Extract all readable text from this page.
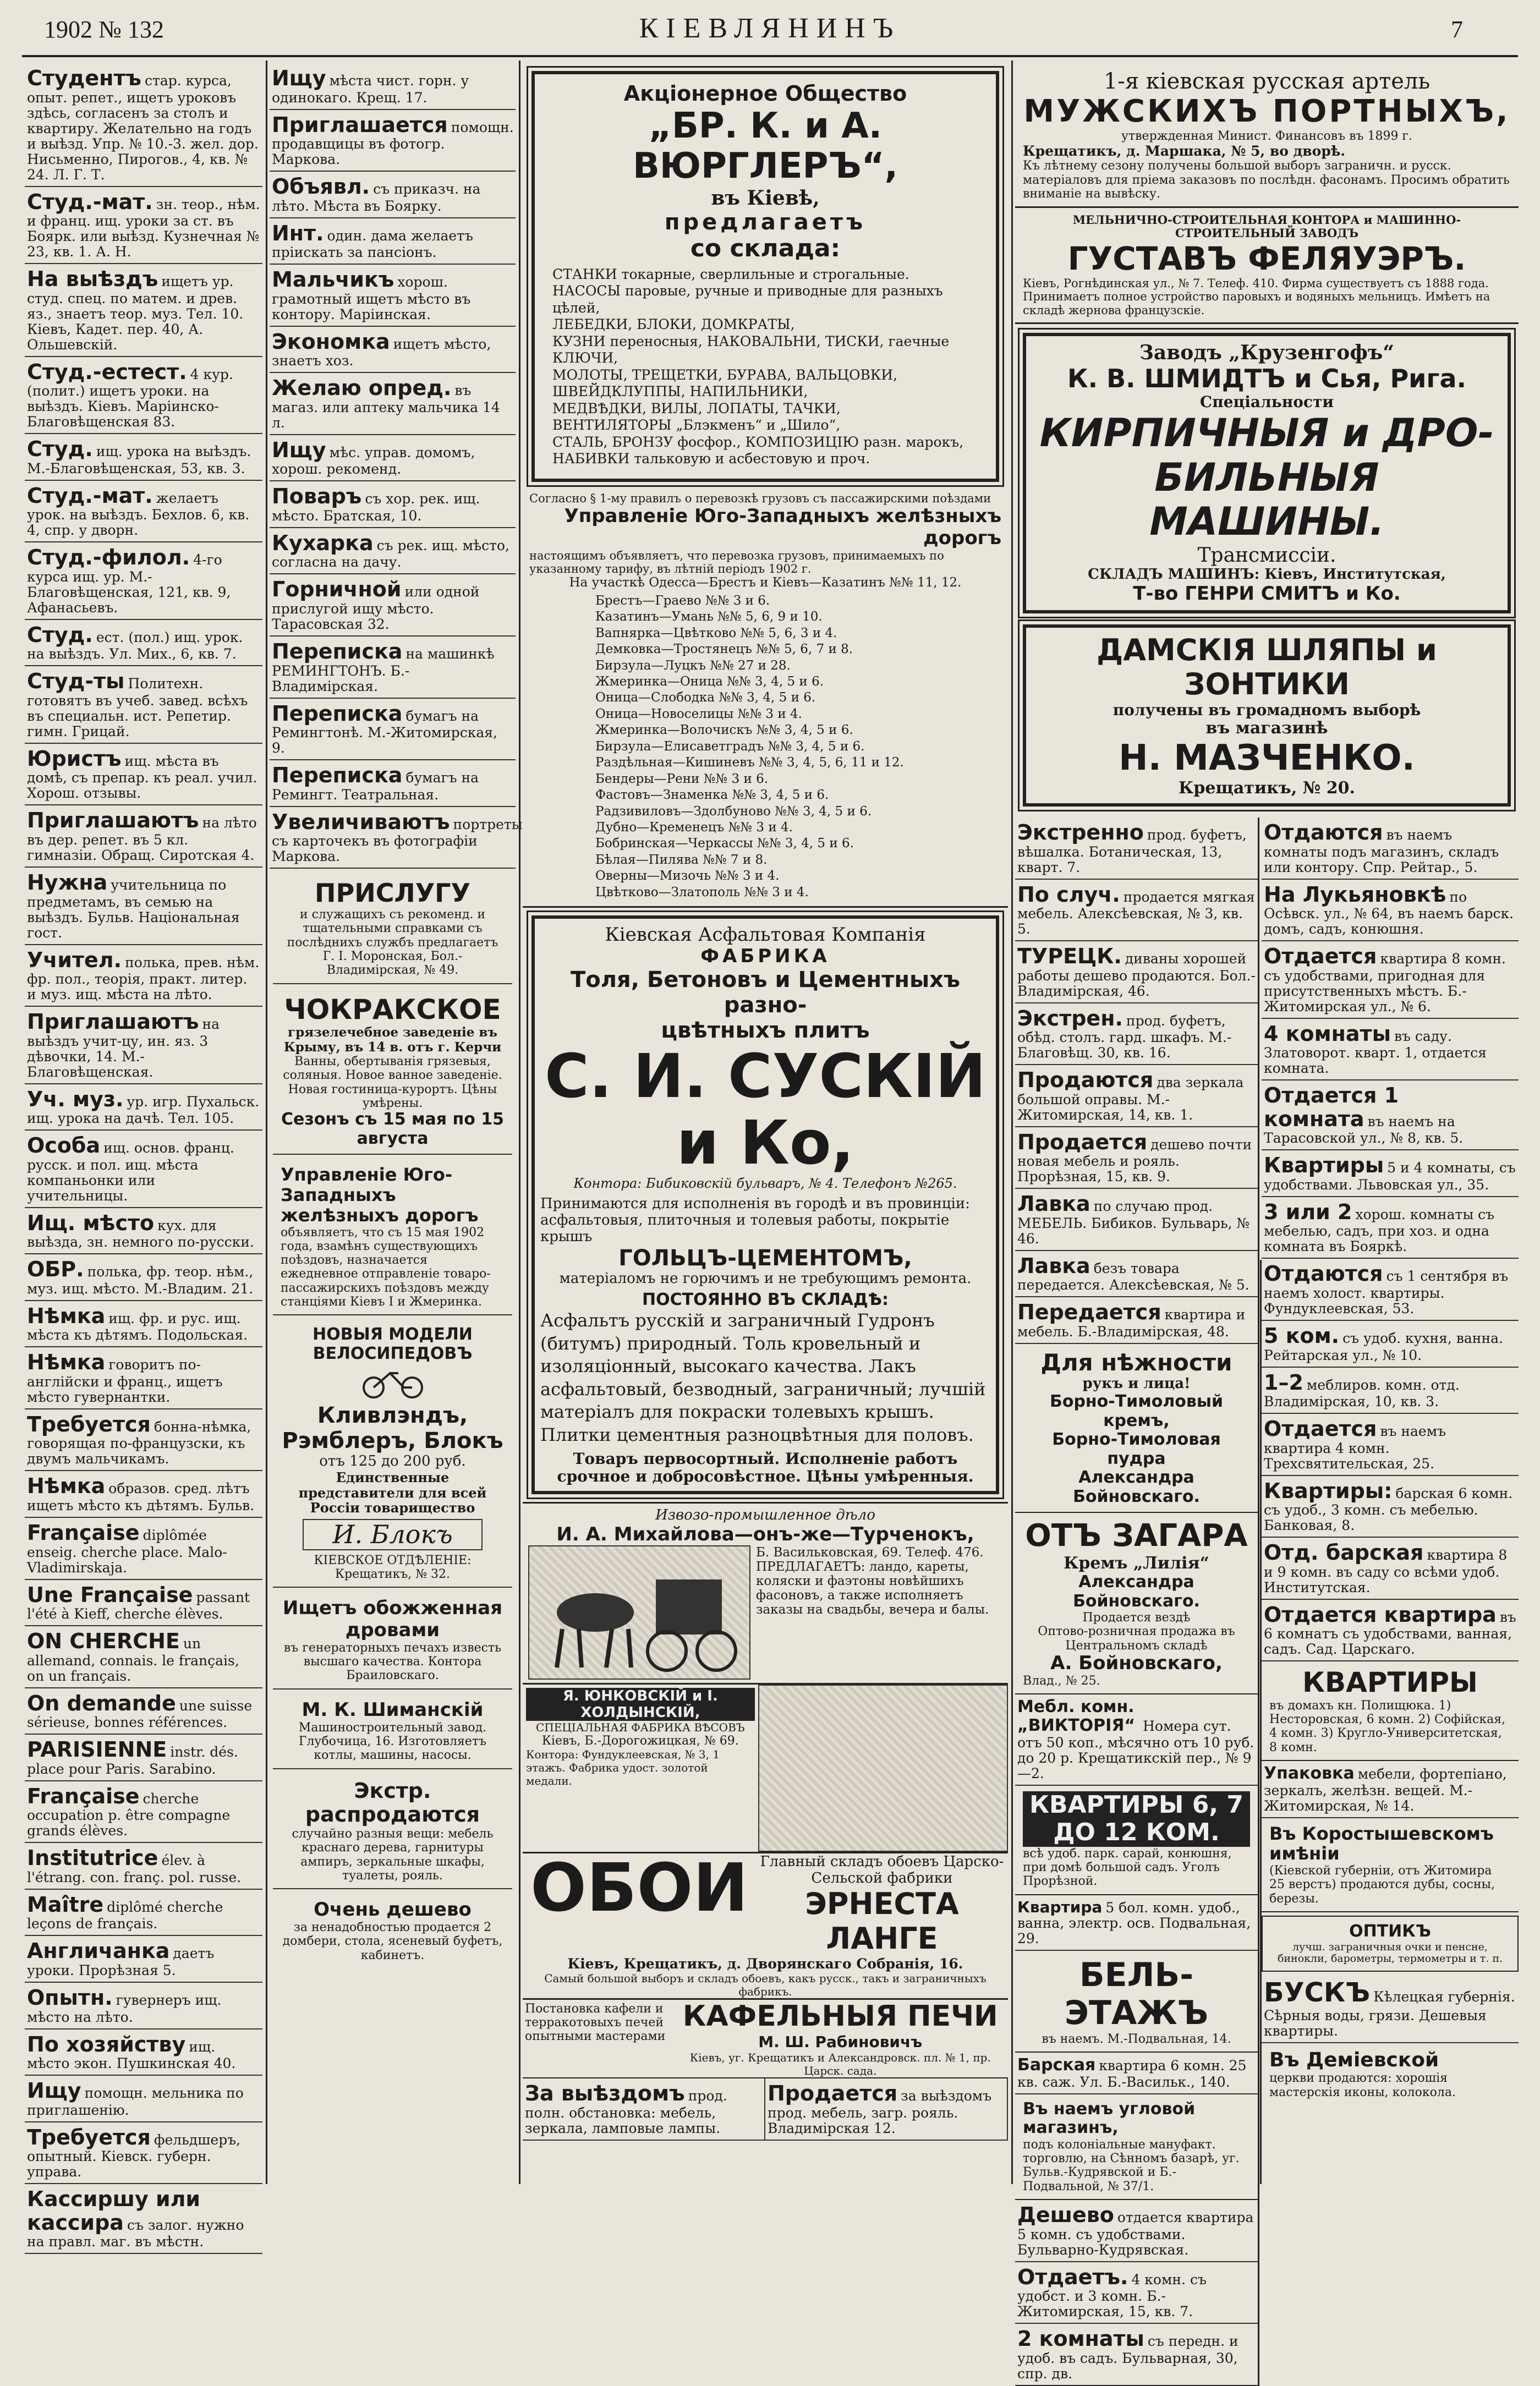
1902 № 132	КІЕВЛЯНИНЪ	7
Студентъ стар. курса, опыт. репет., ищетъ уроковъ здѣсь, согласенъ за столъ и квартиру. Желательно на годъ и выѣзд. Упр. № 10.-3. жел. дор. Нисьменно, Пирогов., 4, кв. № 24. Л. Г. Т.
Студ.-мат. зн. теор., нѣм. и франц. ищ. уроки за ст. въ Боярк. или выѣзд. Кузнечная № 23, кв. 1. А. Н.
На выѣздъ ищетъ ур. студ. спец. по матем. и древ. яз., знаетъ теор. муз. Тел. 10. Кіевъ, Кадет. пер. 40, А. Ольшевскій.
Студ.-естест. 4 кур. (полит.) ищетъ уроки. на выѣздъ. Кіевъ. Маріинско-Благовѣщенская 83.
Студ. ищ. урока на выѣздъ. М.-Благовѣщенская, 53, кв. 3.
Студ.-мат. желаетъ урок. на выѣздъ. Бехлов. 6, кв. 4, спр. у дворн.
Студ.-филол. 4-го курса ищ. ур. М.-Благовѣщенская, 121, кв. 9, Афанасьевъ.
Студ. ест. (пол.) ищ. урок. на выѣздъ. Ул. Мих., 6, кв. 7.
Студ-ты Политехн. готовятъ въ учеб. завед. всѣхъ въ специальн. ист. Репетир. гимн. Грицай.
Юристъ ищ. мѣста въ домѣ, съ препар. къ реал. учил. Хорош. отзывы.
Приглашаютъ на лѣто въ дер. репет. въ 5 кл. гимназіи. Обращ. Сиротская 4.
Нужна учительница по предметамъ, въ семью на выѣздъ. Бульв. Національная гост.
Учител. полька, прев. нѣм. фр. пол., теорія, практ. литер. и муз. ищ. мѣста на лѣто.
Приглашаютъ на выѣздъ учит-цу, ин. яз. 3 дѣвочки, 14. М.-Благовѣщенская.
Уч. муз. ур. игр. Пухальск. ищ. урока на дачѣ. Тел. 105.
Особа ищ. основ. франц. русск. и пол. ищ. мѣста компаньонки или учительницы.
Ищ. мѣсто кух. для выѣзда, зн. немного по-русски.
ОБР. полька, фр. теор. нѣм., муз. ищ. мѣсто. М.-Владим. 21.
Нѣмка ищ. фр. и рус. ищ. мѣста къ дѣтямъ. Подольская.
Нѣмка говоритъ по-англійски и франц., ищетъ мѣсто гувернантки.
Требуется бонна-нѣмка, говорящая по-французски, къ двумъ мальчикамъ.
Нѣмка образов. сред. лѣтъ ищетъ мѣсто къ дѣтямъ. Бульв.
Française diplômée enseig. cherche place. Malo-Vladimirskaja.
Une Française passant l'été à Kieff, cherche élèves.
ON CHERCHE un allemand, connais. le français, on un français.
On demande une suisse sérieuse, bonnes références.
PARISIENNE instr. dés. place pour Paris. Sarabino.
Française cherche occupation p. être compagne grands élèves.
Institutrice élev. à l'étrang. con. franç. pol. russe.
Maître diplômé cherche leçons de français.
Англичанка даетъ уроки. Прорѣзная 5.
Опытн. гувернеръ ищ. мѣсто на лѣто.
По хозяйству ищ. мѣсто экон. Пушкинская 40.
Ищу помощн. мельника по приглашенію.
Требуется фельдшеръ, опытный. Кіевск. губерн. управа.
Кассиршу или кассира съ залог. нужно на правл. маг. въ мѣстн.
Ищу мѣста чист. горн. у одинокаго. Крещ. 17.
Приглашается помощн. продавщицы въ фотогр. Маркова.
Объявл. съ приказч. на лѣто. Мѣста въ Боярку.
Инт. один. дама желаетъ пріискать за пансіонъ.
Мальчикъ хорош. грамотный ищетъ мѣсто въ контору. Маріинская.
Экономка ищетъ мѣсто, знаетъ хоз.
Желаю опред. въ магаз. или аптеку мальчика 14 л.
Ищу мѣс. управ. домомъ, хорош. рекоменд.
Поваръ съ хор. рек. ищ. мѣсто. Братская, 10.
Кухарка съ рек. ищ. мѣсто, согласна на дачу.
Горничной или одной прислугой ищу мѣсто. Тарасовская 32.
Переписка на машинкѣ РЕМИНГТОНЪ. Б.-Владимірская.
Переписка бумагъ на Ремингтонѣ. М.-Житомирская, 9.
Переписка бумагъ на Ремингт. Театральная.
Увеличиваютъ портреты съ карточекъ въ фотографіи Маркова.
ПРИСЛУГУ
и служащихъ съ рекоменд. и тщательными справками съ послѣднихъ службъ предлагаетъ Г. І. Моронская, Бол.-Владимірская, № 49.
ЧОКРАКСКОЕ
грязелечебное заведеніе въ Крыму, въ 14 в. отъ г. Керчи
Ванны, обертыванія грязевыя, соляныя. Новое ванное заведеніе. Новая гостиница-курортъ. Цѣны умѣрены.
Сезонъ съ 15 мая по 15 августа
Управленіе Юго-Западныхъ желѣзныхъ дорогъ
объявляетъ, что съ 15 мая 1902 года, взамѣнъ существующихъ поѣздовъ, назначается ежедневное отправленіе товаро-пассажирскихъ поѣздовъ между станціями Кіевъ I и Жмеринка.
НОВЫЯ МОДЕЛИ ВЕЛОСИПЕДОВЪ
Кливлэндъ, Рэмблеръ, Блокъ
отъ 125 до 200 руб.
Единственные представители для всей Россіи товарищество
И. Блокъ
КІЕВСКОЕ ОТДѢЛЕНІЕ: Крещатикъ, № 32.
Ищетъ обожженная дровами
въ генераторныхъ печахъ известь высшаго качества. Контора Браиловскаго.
М. К. Шиманскій
Машиностроительный завод. Глубочица, 16. Изготовляетъ котлы, машины, насосы.
Экстр. распродаются
случайно разныя вещи: мебель краснаго дерева, гарнитуры ампиръ, зеркальные шкафы, туалеты, рояль.
Очень дешево
за ненадобностью продается 2 домбери, стола, ясеневый буфетъ, кабинетъ.
Акціонерное Общество
„БР. К. и А. ВЮРГЛЕРЪ“,
въ Кіевѣ,
предлагаетъ
со склада:
СТАНКИ токарные, сверлильные и строгальные.
НАСОСЫ паровые, ручные и приводные для разныхъ цѣлей,
ЛЕБЕДКИ, БЛОКИ, ДОМКРАТЫ,
КУЗНИ переносныя, НАКОВАЛЬНИ, ТИСКИ, гаечные КЛЮЧИ,
МОЛОТЫ, ТРЕЩЕТКИ, БУРАВА, ВАЛЬЦОВКИ,
ШВЕЙДКЛУППЫ, НАПИЛЬНИКИ,
МЕДВѢДКИ, ВИЛЫ, ЛОПАТЫ, ТАЧКИ,
ВЕНТИЛЯТОРЫ „Блэкменъ“ и „Шило“,
СТАЛЬ, БРОНЗУ фосфор., КОМПОЗИЦІЮ разн. марокъ,
НАБИВКИ тальковую и асбестовую и проч.
Согласно § 1-му правилъ о перевозкѣ грузовъ съ пассажирскими поѣздами
Управленіе Юго-Западныхъ желѣзныхъ дорогъ
настоящимъ объявляетъ, что перевозка грузовъ, принимаемыхъ по указанному тарифу, въ лѣтній періодъ 1902 г.
На участкѣ Одесса—Брестъ и Кіевъ—Казатинъ №№ 11, 12.
Брестъ—Граево №№ 3 и 6.
Казатинъ—Умань №№ 5, 6, 9 и 10.
Вапнярка—Цвѣтково №№ 5, 6, 3 и 4.
Демковка—Тростянецъ №№ 5, 6, 7 и 8.
Бирзула—Луцкъ №№ 27 и 28.
Жмеринка—Оница №№ 3, 4, 5 и 6.
Оница—Слободка №№ 3, 4, 5 и 6.
Оница—Новоселицы №№ 3 и 4.
Жмеринка—Волочискъ №№ 3, 4, 5 и 6.
Бирзула—Елисаветградъ №№ 3, 4, 5 и 6.
Раздѣльная—Кишиневъ №№ 3, 4, 5, 6, 11 и 12.
Бендеры—Рени №№ 3 и 6.
Фастовъ—Знаменка №№ 3, 4, 5 и 6.
Радзивиловъ—Здолбуново №№ 3, 4, 5 и 6.
Дубно—Кременецъ №№ 3 и 4.
Бобринская—Черкассы №№ 3, 4, 5 и 6.
Бѣлая—Пилява №№ 7 и 8.
Оверны—Мизочь №№ 3 и 4.
Цвѣтково—Златополь №№ 3 и 4.
Кіевская Асфальтовая Компанія
ФАБРИКА
Толя, Бетоновъ и Цементныхъ разно-
цвѣтныхъ плитъ
С. И. СУСКІЙ и Ко,
Контора: Бибиковскій бульваръ, № 4. Телефонъ №265.
Принимаются для исполненія въ городѣ и въ провинціи: асфальтовыя, плиточныя и толевыя работы, покрытіе крышъ
ГОЛЬЦЪ-ЦЕМЕНТОМЪ,
матеріаломъ не горючимъ и не требующимъ ремонта.
ПОСТОЯННО ВЪ СКЛАДѢ:
Асфальтъ русскій и заграничный Гудронъ (битумъ) природный. Толь кровельный и изоляціонный, высокаго качества. Лакъ асфальтовый, безводный, заграничный; лучшій матеріалъ для покраски толевыхъ крышъ. Плитки цементныя разноцвѣтныя для половъ.
Товаръ первосортный. Исполненіе работъ срочное и добросовѣстное. Цѣны умѣренныя.
Извозо-промышленное дѣло
И. А. Михайлова—онъ-же—Турченокъ,
Б. Васильковская, 69. Телеф. 476.
ПРЕДЛАГАЕТЪ: ландо, кареты, коляски и фаэтоны новѣйшихъ фасоновъ, а также исполняетъ заказы на свадьбы, вечера и балы.
Я. ЮНКОВСКІЙ и І. ХОЛДЫНСКІЙ,
СПЕЦІАЛЬНАЯ ФАБРИКА ВѢСОВЪ
Кіевъ, Б.-Дорогожицкая, № 69.
Контора: Фундуклеевская, № 3, 1 этажъ. Фабрика удост. золотой медали.
ОБОИ Главный складъ обоевъ Царско-Сельской фабрики
ЭРНЕСТА ЛАНГЕ
Кіевъ, Крещатикъ, д. Дворянскаго Собранія, 16.
Самый большой выборъ и складъ обоевъ, какъ русск., такъ и заграничныхъ фабрикъ.
Постановка кафели и терракотовыхъ печей опытными мастерами
КАФЕЛЬНЫЯ ПЕЧИ
М. Ш. Рабиновичъ
Кіевъ, уг. Крещатикъ и Александровск. пл. № 1, пр. Царск. сада.
За выѣздомъ прод. полн. обстановка: мебель, зеркала, ламповые лампы.
Продается за выѣздомъ прод. мебель, загр. рояль. Владимірская 12.
1-я кіевская русская артель
МУЖСКИХЪ ПОРТНЫХЪ,
утвержденная Минист. Финансовъ въ 1899 г.
Крещатикъ, д. Маршака, № 5, во дворѣ.
Къ лѣтнему сезону получены большой выборъ заграничн. и русск. матеріаловъ для пріема заказовъ по послѣдн. фасонамъ. Просимъ обратить вниманіе на вывѣску.
МЕЛЬНИЧНО-СТРОИТЕЛЬНАЯ КОНТОРА и МАШИННО-СТРОИТЕЛЬНЫЙ ЗАВОДЪ
ГУСТАВЪ ФЕЛЯУЭРЪ.
Кіевъ, Рогнѣдинская ул., № 7. Телеф. 410. Фирма существуетъ съ 1888 года. Принимаетъ полное устройство паровыхъ и водяныхъ мельницъ. Имѣетъ на складѣ жернова французскіе.
Заводъ „Крузенгофъ“
К. В. ШМИДТЪ и Сья, Рига.
Спеціальности
КИРПИЧНЫЯ и ДРО-
БИЛЬНЫЯ МАШИНЫ.
Трансмиссіи.
СКЛАДЪ МАШИНЪ: Кіевъ, Институтская,
Т-во ГЕНРИ СМИТЪ и Ко.
ДАМСКІЯ ШЛЯПЫ и ЗОНТИКИ
получены въ громадномъ выборѣ
въ магазинѣ
Н. МАЗЧЕНКО.
Крещатикъ, № 20.
Экстренно прод. буфетъ, вѣшалка. Ботаническая, 13, кварт. 7.
По случ. продается мягкая мебель. Алексѣевская, № 3, кв. 5.
ТУРЕЦК. диваны хорошей работы дешево продаются. Бол.-Владимірская, 46.
Экстрен. прод. буфетъ, обѣд. столъ. гард. шкафъ. М.-Благовѣщ. 30, кв. 16.
Продаются два зеркала большой оправы. М.-Житомирская, 14, кв. 1.
Продается дешево почти новая мебель и рояль. Прорѣзная, 15, кв. 9.
Лавка по случаю прод. МЕБЕЛЬ. Бибиков. Бульварь, № 46.
Лавка безъ товара передается. Алексѣевская, № 5.
Передается квартира и мебель. Б.-Владимірская, 48.
Для нѣжности
рукъ и лица!
Борно-Тимоловый кремъ,
Борно-Тимоловая пудра
Александра Бойновскаго.
ОТЪ ЗАГАРА
Кремъ „Лилія“
Александра Бойновскаго.
Продается вездѣ
Оптово-розничная продажа въ Центральномъ складѣ
А. Бойновскаго,
Влад., № 25.
Мебл. комн. „ВИКТОРІЯ“ Номера сут. отъ 50 коп., мѣсячно отъ 10 руб. до 20 р. Крещатикскій пер., № 9—2.
КВАРТИРЫ 6, 7 ДО 12 КОМ.
всѣ удоб. парк. сарай, конюшня, при домѣ большой садъ. Уголъ Прорѣзной.
Квартира 5 бол. комн. удоб., ванна, электр. осв. Подвальная, 29.
БЕЛЬ-ЭТАЖЪ
въ наемъ. М.-Подвальная, 14.
Барская квартира 6 комн. 25 кв. саж. Ул. Б.-Васильк., 140.
Въ наемъ угловой магазинъ,
подъ колоніальные мануфакт. торговлю, на Сѣнномъ базарѣ, уг. Бульв.-Кудрявской и Б.-Подвальной, № 37/1.
Дешево отдается квартира 5 комн. съ удобствами. Бульварно-Кудрявская.
Отдаетъ. 4 комн. съ удобст. и 3 комн. Б.-Житомирская, 15, кв. 7.
2 комнаты съ передн. и удоб. въ садъ. Бульварная, 30, спр. дв.
Отдаются въ наемъ комнаты подъ магазинъ, складъ или контору. Спр. Рейтар., 5.
На Лукьяновкѣ по Осѣвск. ул., № 64, въ наемъ барск. домъ, садъ, конюшня.
Отдается квартира 8 комн. съ удобствами, пригодная для присутственныхъ мѣстъ. Б.-Житомирская ул., № 6.
4 комнаты въ саду. Златоворот. кварт. 1, отдается комната.
Отдается 1 комната въ наемъ на Тарасовской ул., № 8, кв. 5.
Квартиры 5 и 4 комнаты, съ удобствами. Львовская ул., 35.
3 или 2 хорош. комнаты съ мебелью, садъ, при хоз. и одна комната въ Бояркѣ.
Отдаются съ 1 сентября въ наемъ холост. квартиры. Фундуклеевская, 53.
5 ком. съ удоб. кухня, ванна. Рейтарская ул., № 10.
1–2 меблиров. комн. отд. Владимірская, 10, кв. 3.
Отдается въ наемъ квартира 4 комн. Трехсвятительская, 25.
Квартиры: барская 6 комн. съ удоб., 3 комн. съ мебелью. Банковая, 8.
Отд. барская квартира 8 и 9 комн. въ саду со всѣми удоб. Институтская.
Отдается квартира въ 6 комнатъ съ удобствами, ванная, садъ. Сад. Царскаго.
КВАРТИРЫ
въ домахъ кн. Полищюка. 1) Несторовская, 6 комн. 2) Софійская, 4 комн. 3) Кругло-Университетская, 8 комн.
Упаковка мебели, фортепіано, зеркалъ, желѣзн. вещей. М.-Житомирская, № 14.
Въ Коростышевскомъ имѣніи
(Кіевской губерніи, отъ Житомира 25 верстъ) продаются дубы, сосны, березы.
ОПТИКЪ
лучш. заграничныя очки и пенсне, бинокли, барометры, термометры и т. п.
БУСКЪ Кѣлецкая губернія. Сѣрныя воды, грязи. Дешевыя квартиры.
Въ Деміевской
церкви продаются: хорошія мастерскія иконы, колокола.
